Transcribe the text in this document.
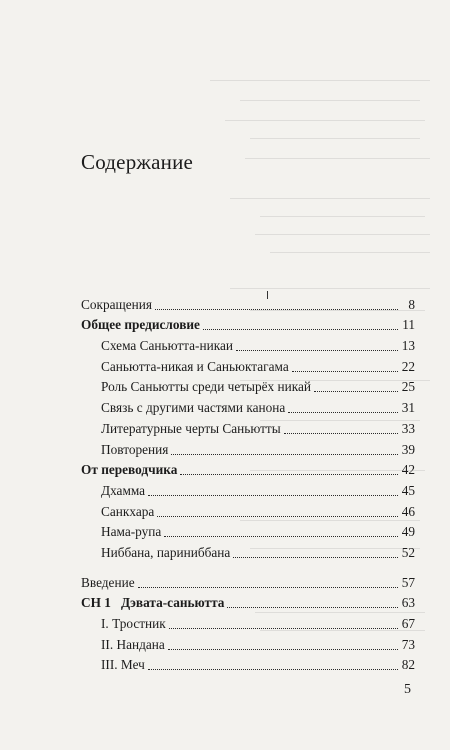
Содержание
Сокращения	8
Общее предисловие	11
Схема Саньютта-никаи	13
Саньютта-никая и Саньюктагама	22
Роль Саньютты среди четырёх никай	25
Связь с другими частями канона	31
Литературные черты Саньютты	33
Повторения	39
От переводчика	42
Дхамма	45
Санкхара	46
Нама-рупа	49
Ниббана, париниббана	52
Введение	57
СН 1 Дэвата-саньютта	63
I. Тростник	67
II. Нандана	73
III. Меч	82
5
